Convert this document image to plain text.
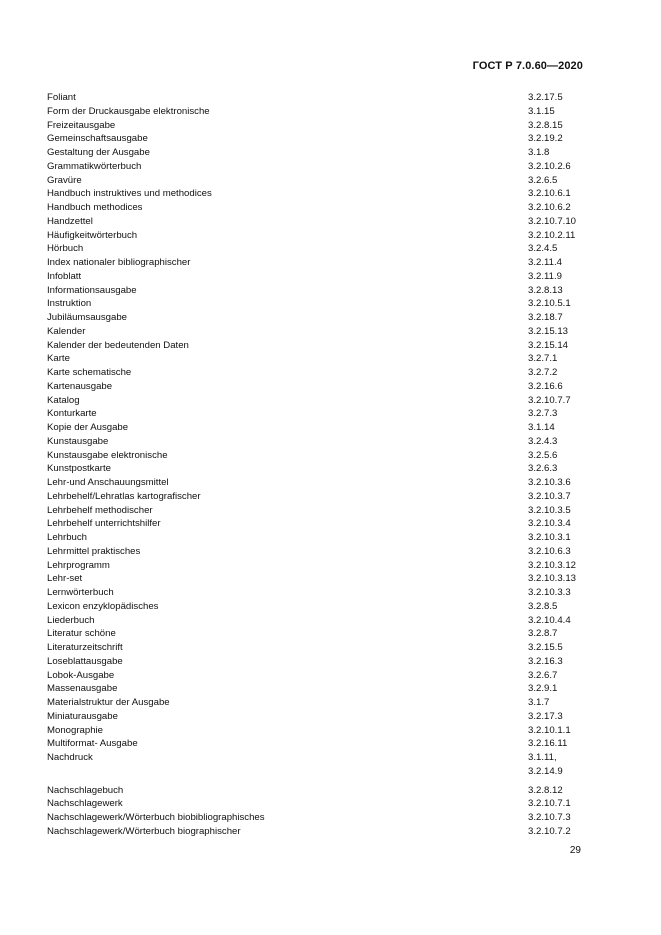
ГОСТ Р 7.0.60—2020
Foliant	3.2.17.5
Form der Druckausgabe elektronische	3.1.15
Freizeitausgabe	3.2.8.15
Gemeinschaftsausgabe	3.2.19.2
Gestaltung der Ausgabe	3.1.8
Grammatikwörterbuch	3.2.10.2.6
Gravüre	3.2.6.5
Handbuch instruktives und methodices	3.2.10.6.1
Handbuch methodices	3.2.10.6.2
Handzettel	3.2.10.7.10
Häufigkeitwörterbuch	3.2.10.2.11
Hörbuch	3.2.4.5
Index nationaler bibliographischer	3.2.11.4
Infoblatt	3.2.11.9
Informationsausgabe	3.2.8.13
Instruktion	3.2.10.5.1
Jubiläumsausgabe	3.2.18.7
Kalender	3.2.15.13
Kalender der bedeutenden Daten	3.2.15.14
Karte	3.2.7.1
Karte schematische	3.2.7.2
Kartenausgabe	3.2.16.6
Katalog	3.2.10.7.7
Konturkarte	3.2.7.3
Kopie der Ausgabe	3.1.14
Kunstausgabe	3.2.4.3
Kunstausgabe elektronische	3.2.5.6
Kunstpostkarte	3.2.6.3
Lehr-und Anschauungsmittel	3.2.10.3.6
Lehrbehelf/Lehratlas kartografischer	3.2.10.3.7
Lehrbehelf methodischer	3.2.10.3.5
Lehrbehelf unterrichtshilfer	3.2.10.3.4
Lehrbuch	3.2.10.3.1
Lehrmittel praktisches	3.2.10.6.3
Lehrprogramm	3.2.10.3.12
Lehr-set	3.2.10.3.13
Lernwörterbuch	3.2.10.3.3
Lexicon enzyklopädisches	3.2.8.5
Liederbuch	3.2.10.4.4
Literatur schöne	3.2.8.7
Literaturzeitschrift	3.2.15.5
Loseblattausgabe	3.2.16.3
Lobok-Ausgabe	3.2.6.7
Massenausgabe	3.2.9.1
Materialstruktur der Ausgabe	3.1.7
Miniaturausgabe	3.2.17.3
Monographie	3.2.10.1.1
Multiformat- Ausgabe	3.2.16.11
Nachdruck	3.1.11,
3.2.14.9
Nachschlagebuch	3.2.8.12
Nachschlagewerk	3.2.10.7.1
Nachschlagewerk/Wörterbuch biobibliographisches	3.2.10.7.3
Nachschlagewerk/Wörterbuch biographischer	3.2.10.7.2
29
